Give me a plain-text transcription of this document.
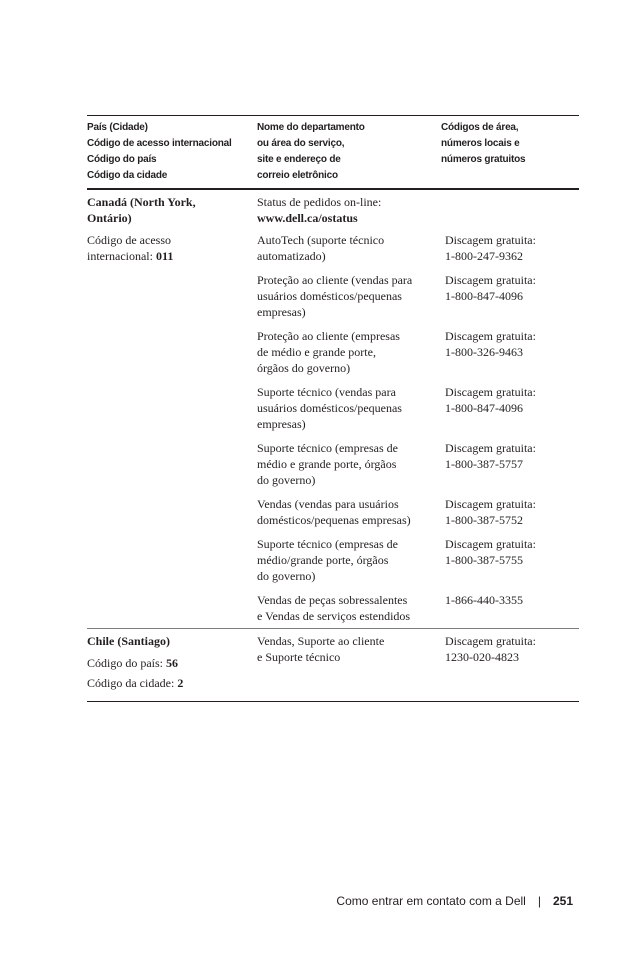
País (Cidade)
Código de acesso internacional
Código do país
Código da cidade
Nome do departamento
ou área do serviço,
site e endereço de
correio eletrônico
Códigos de área,
números locais e
números gratuitos
Canadá (North York,
Ontário)
Código de acesso
internacional: 011
Status de pedidos on-line:
www.dell.ca/ostatus
AutoTech (suporte técnico
automatizado)
Discagem gratuita:
1-800-247-9362
Proteção ao cliente (vendas para
usuários domésticos/pequenas
empresas)
Discagem gratuita:
1-800-847-4096
Proteção ao cliente (empresas
de médio e grande porte,
órgãos do governo)
Discagem gratuita:
1-800-326-9463
Suporte técnico (vendas para
usuários domésticos/pequenas
empresas)
Discagem gratuita:
1-800-847-4096
Suporte técnico (empresas de
médio e grande porte, órgãos
do governo)
Discagem gratuita:
1-800-387-5757
Vendas (vendas para usuários
domésticos/pequenas empresas)
Discagem gratuita:
1-800-387-5752
Suporte técnico (empresas de
médio/grande porte, órgãos
do governo)
Discagem gratuita:
1-800-387-5755
Vendas de peças sobressalentes
e Vendas de serviços estendidos
1-866-440-3355
Chile (Santiago)
Código do país: 56
Código da cidade: 2
Vendas, Suporte ao cliente
e Suporte técnico
Discagem gratuita:
1230-020-4823
Como entrar em contato com a Dell | 251
